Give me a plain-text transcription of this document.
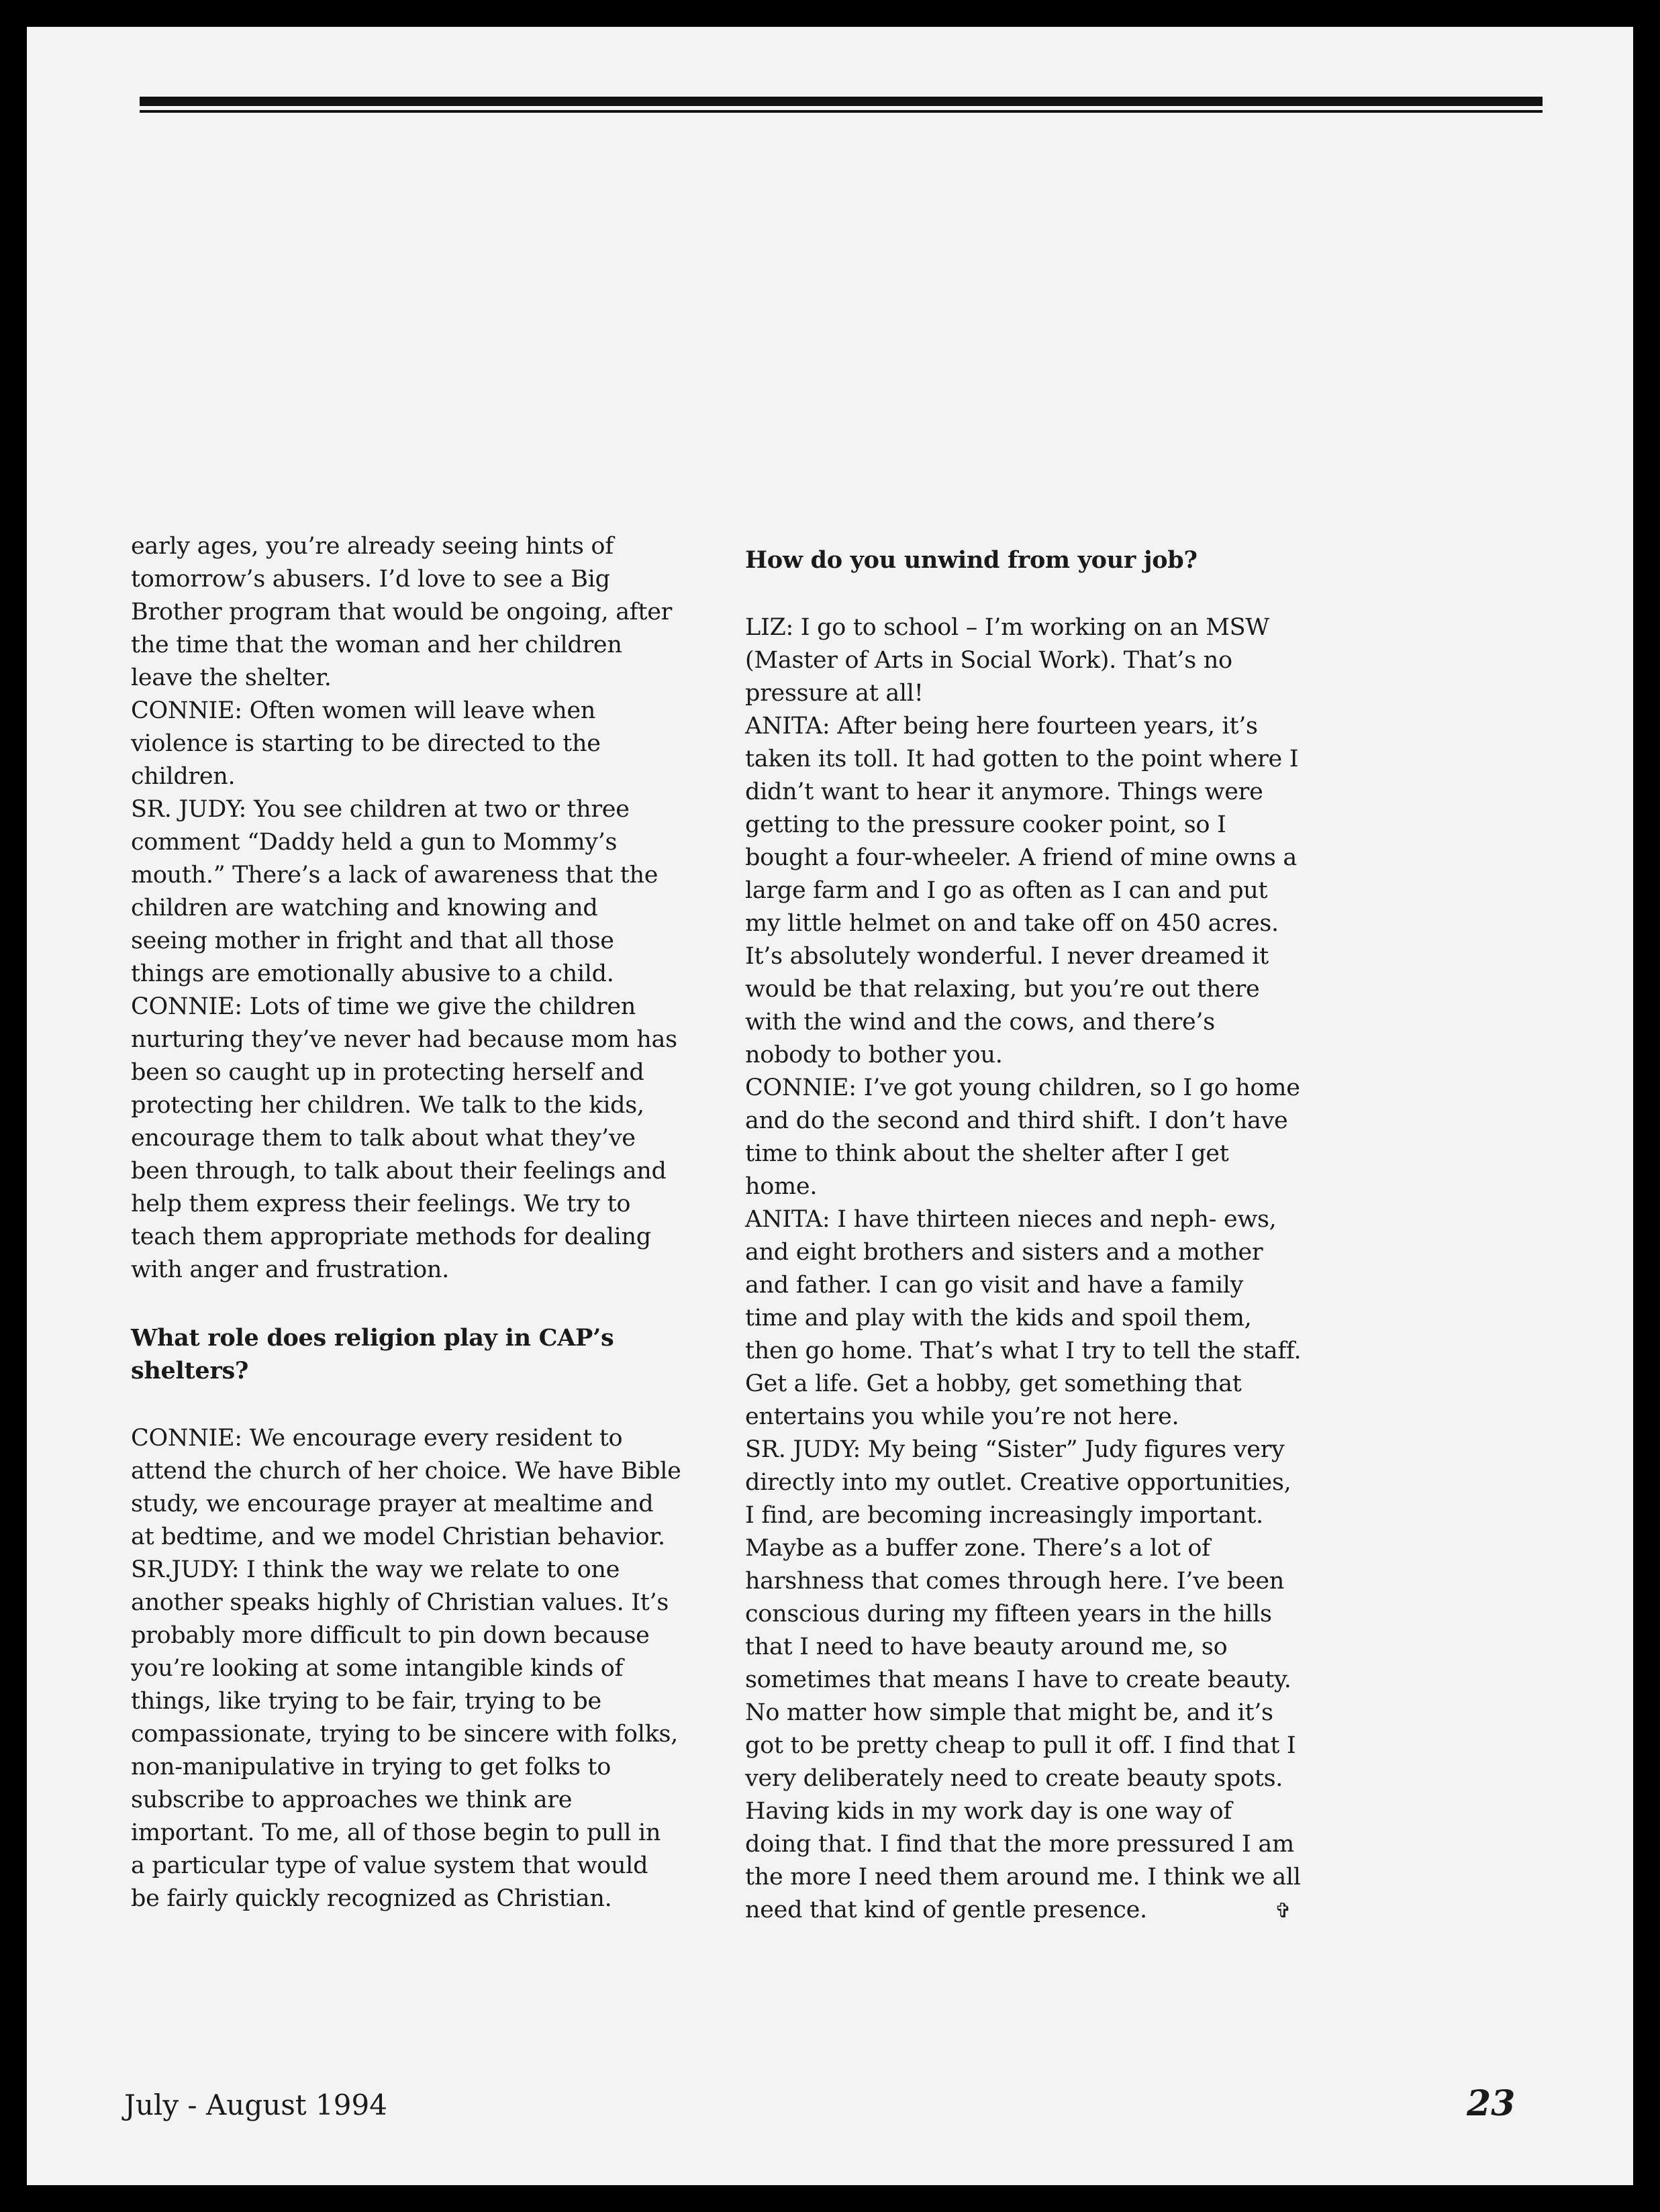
early ages, you’re already seeing hints of tomorrow’s abusers. I’d love to see a Big Brother program that would be ongoing, after the time that the woman and her children leave the shelter.

CONNIE: Often women will leave when violence is starting to be directed to the children.

SR. JUDY: You see children at two or three comment “Daddy held a gun to Mommy’s mouth.” There’s a lack of awareness that the children are watching and knowing and seeing mother in fright and that all those things are emotionally abusive to a child.

CONNIE: Lots of time we give the children nurturing they’ve never had because mom has been so caught up in protecting herself and protecting her children. We talk to the kids, encourage them to talk about what they’ve been through, to talk about their feelings and help them express their feelings. We try to teach them appropriate methods for dealing with anger and frustration.

What role does religion play in CAP’s shelters?

CONNIE: We encourage every resident to attend the church of her choice. We have Bible study, we encourage prayer at mealtime and at bedtime, and we model Christian behavior.

SR.JUDY: I think the way we relate to one another speaks highly of Christian values. It’s probably more difficult to pin down because you’re looking at some intangible kinds of things, like trying to be fair, trying to be compassionate, trying to be sincere with folks, non-manipulative in trying to get folks to subscribe to approaches we think are important. To me, all of those begin to pull in a particular type of value system that would be fairly quickly recognized as Christian.

How do you unwind from your job?

LIZ: I go to school – I’m working on an MSW (Master of Arts in Social Work). That’s no pressure at all!

ANITA: After being here fourteen years, it’s taken its toll. It had gotten to the point where I didn’t want to hear it anymore. Things were getting to the pressure cooker point, so I bought a four-wheeler. A friend of mine owns a large farm and I go as often as I can and put my little helmet on and take off on 450 acres. It’s absolutely wonderful. I never dreamed it would be that relaxing, but you’re out there with the wind and the cows, and there’s nobody to bother you.

CONNIE: I’ve got young children, so I go home and do the second and third shift. I don’t have time to think about the shelter after I get home.

ANITA: I have thirteen nieces and neph- ews, and eight brothers and sisters and a mother and father. I can go visit and have a family time and play with the kids and spoil them, then go home. That’s what I try to tell the staff. Get a life. Get a hobby, get something that entertains you while you’re not here.

SR. JUDY: My being “Sister” Judy figures very directly into my outlet. Creative opportunities, I find, are becoming increasingly important. Maybe as a buffer zone. There’s a lot of harshness that comes through here. I’ve been conscious during my fifteen years in the hills that I need to have beauty around me, so sometimes that means I have to create beauty. No matter how simple that might be, and it’s got to be pretty cheap to pull it off. I find that I very deliberately need to create beauty spots. Having kids in my work day is one way of doing that. I find that the more pressured I am the more I need them around me. I think we all need that kind of gentle presence.	✞

July - August 1994	23
